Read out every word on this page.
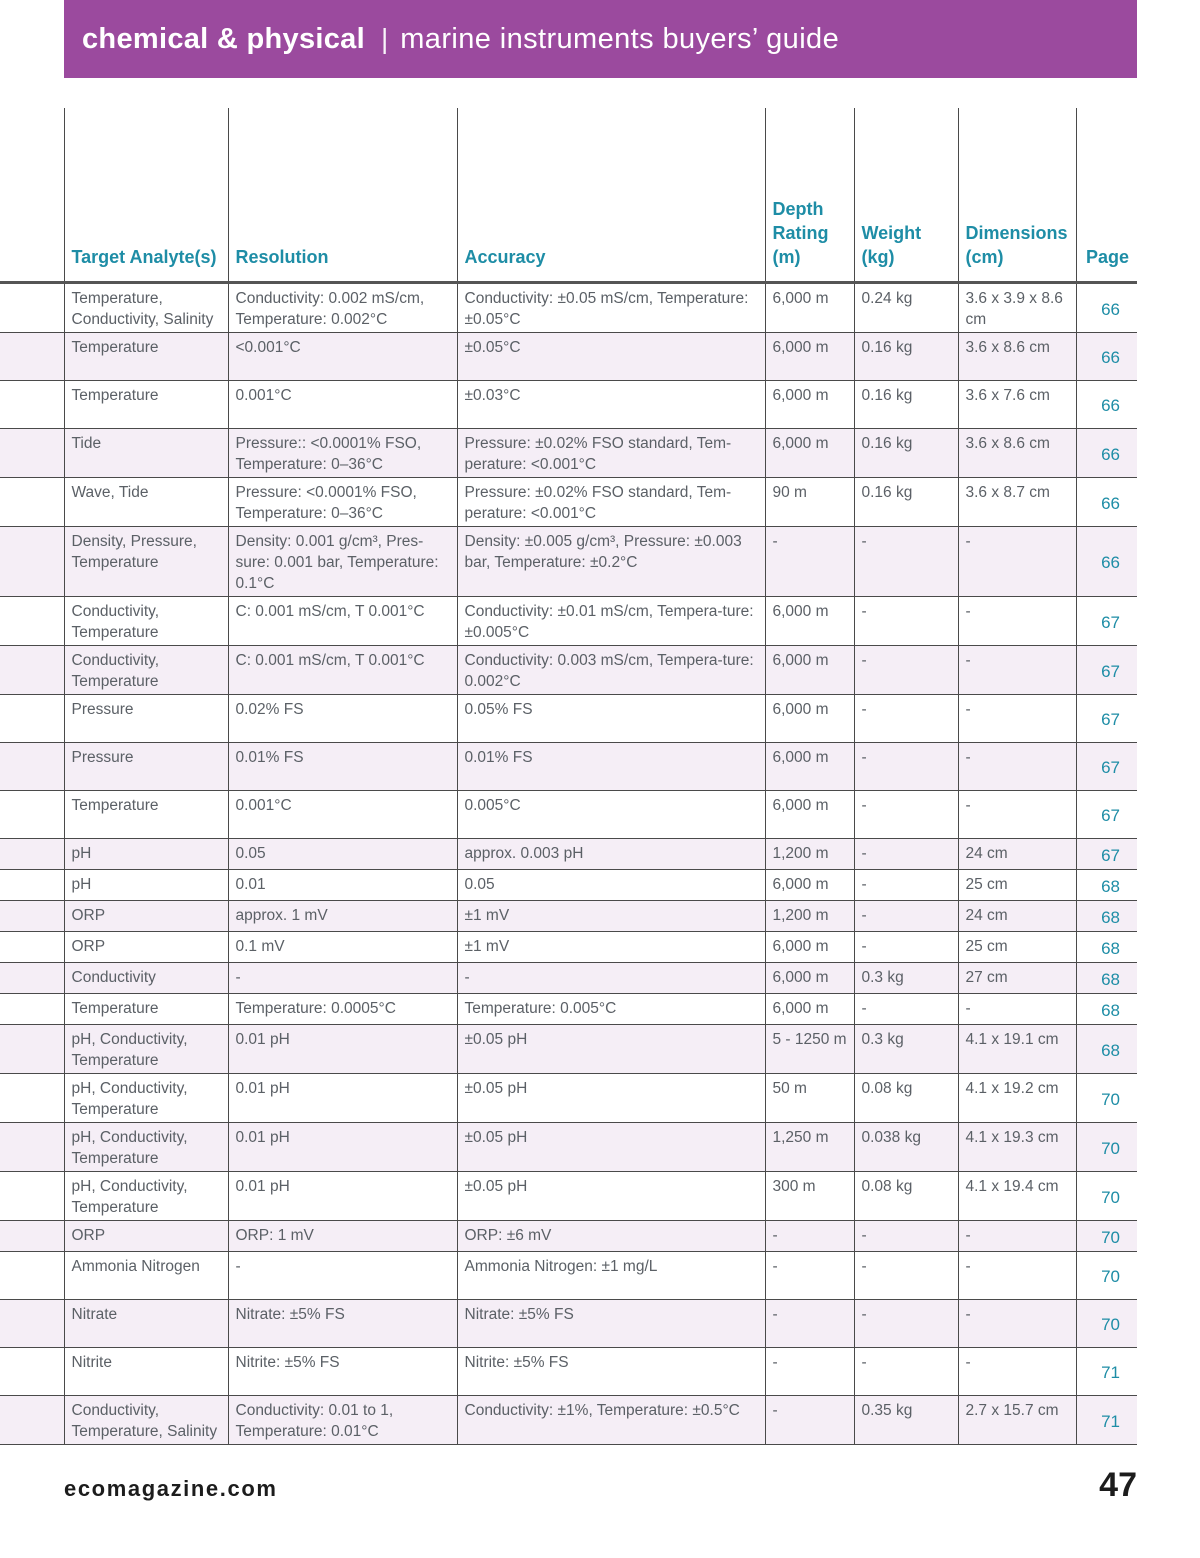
chemical & physical | marine instruments buyers’ guide
	Target Analyte(s)	Resolution	Accuracy	Depth Rating (m)	Weight (kg)	Dimensions (cm)	Page
	Temperature, Conductivity, Salinity	Conductivity: 0.002 mS/cm, Temperature: 0.002°C	Conductivity: ±0.05 mS/cm, Temperature: ±0.05°C	6,000 m	0.24 kg	3.6 x 3.9 x 8.6 cm	66
	Temperature	<0.001°C	±0.05°C	6,000 m	0.16 kg	3.6 x 8.6 cm	66
	Temperature	0.001°C	±0.03°C	6,000 m	0.16 kg	3.6 x 7.6 cm	66
	Tide	Pressure:: <0.0001% FSO, Temperature: 0–36°C	Pressure: ±0.02% FSO standard, Tem-perature: <0.001°C	6,000 m	0.16 kg	3.6 x 8.6 cm	66
	Wave, Tide	Pressure: <0.0001% FSO, Temperature: 0–36°C	Pressure: ±0.02% FSO standard, Tem-perature: <0.001°C	90 m	0.16 kg	3.6 x 8.7 cm	66
	Density, Pressure, Temperature	Density: 0.001 g/cm³, Pres-sure: 0.001 bar, Temperature: 0.1°C	Density: ±0.005 g/cm³, Pressure: ±0.003 bar, Temperature: ±0.2°C	-	-	-	66
	Conductivity, Temperature	C: 0.001 mS/cm, T 0.001°C	Conductivity: ±0.01 mS/cm, Tempera-ture: ±0.005°C	6,000 m	-	-	67
	Conductivity, Temperature	C: 0.001 mS/cm, T 0.001°C	Conductivity: 0.003 mS/cm, Tempera-ture: 0.002°C	6,000 m	-	-	67
	Pressure	0.02% FS	0.05% FS	6,000 m	-	-	67
	Pressure	0.01% FS	0.01% FS	6,000 m	-	-	67
	Temperature	0.001°C	0.005°C	6,000 m	-	-	67
	pH	0.05	approx. 0.003 pH	1,200 m	-	24 cm	67
	pH	0.01	0.05	6,000 m	-	25 cm	68
	ORP	approx. 1 mV	±1 mV	1,200 m	-	24 cm	68
	ORP	0.1 mV	±1 mV	6,000 m	-	25 cm	68
	Conductivity	-	-	6,000 m	0.3 kg	27 cm	68
	Temperature	Temperature: 0.0005°C	Temperature: 0.005°C	6,000 m	-	-	68
	pH, Conductivity, Temperature	0.01 pH	±0.05 pH	5 - 1250 m	0.3 kg	4.1 x 19.1 cm	68
	pH, Conductivity, Temperature	0.01 pH	±0.05 pH	50 m	0.08 kg	4.1 x 19.2 cm	70
	pH, Conductivity, Temperature	0.01 pH	±0.05 pH	1,250 m	0.038 kg	4.1 x 19.3 cm	70
	pH, Conductivity, Temperature	0.01 pH	±0.05 pH	300 m	0.08 kg	4.1 x 19.4 cm	70
	ORP	ORP: 1 mV	ORP: ±6 mV	-	-	-	70
	Ammonia Nitrogen	-	Ammonia Nitrogen: ±1 mg/L	-	-	-	70
	Nitrate	Nitrate: ±5% FS	Nitrate: ±5% FS	-	-	-	70
	Nitrite	Nitrite: ±5% FS	Nitrite: ±5% FS	-	-	-	71
	Conductivity, Temperature, Salinity	Conductivity: 0.01 to 1, Temperature: 0.01°C	Conductivity: ±1%, Temperature: ±0.5°C	-	0.35 kg	2.7 x 15.7 cm	71
ecomagazine.com	47
